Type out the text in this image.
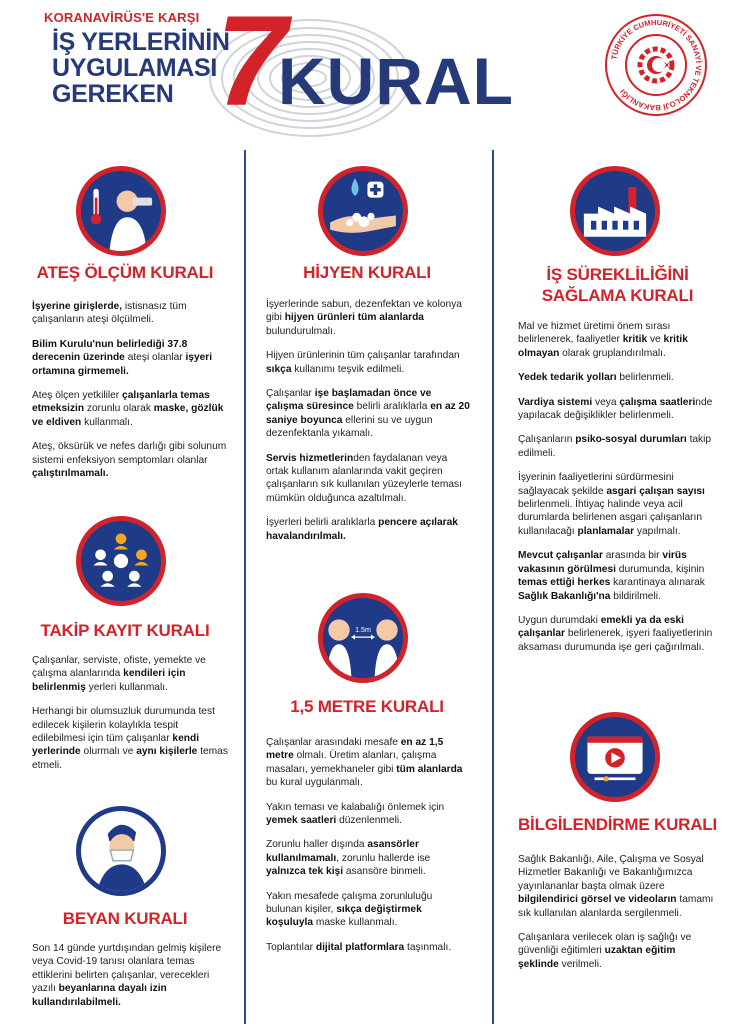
KORANAVİRÜS'E KARŞI
İŞ YERLERİNİN
UYGULAMASI
GEREKEN 7
KURAL	TÜRKİYE CUMHURİYETİ SANAYİ VE TEKNOLOJİ BAKANLIĞI
ATEŞ ÖLÇÜM KURALI

İşyerine girişlerde, istisnasız tüm çalışanların ateşi ölçülmeli.

Bilim Kurulu'nun belirlediği 37.8 derecenin üzerinde ateşi olanlar işyeri ortamına girmemeli.

Ateş ölçen yetkililer çalışanlarla temas etmeksizin zorunlu olarak maske, gözlük ve eldiven kullanmalı.

Ateş, öksürük ve nefes darlığı gibi solunum sistemi enfeksiyon semptomları olanlar çalıştırılmamalı.

TAKİP KAYIT KURALI

Çalışanlar, serviste, ofiste, yemekte ve çalışma alanlarında kendileri için belirlenmiş yerleri kullanmalı.

Herhangi bir olumsuzluk durumunda test edilecek kişilerin kolaylıkla tespit edilebilmesi için tüm çalışanlar kendi yerlerinde olurmalı ve aynı kişilerle temas etmeli.

BEYAN KURALI

Son 14 günde yurtdışından gelmiş kişilere veya Covid-19 tanısı olanlara temas ettiklerini belirten çalışanlar, verecekleri yazılı beyanlarına dayalı izin kullandırılabilmeli.

HİJYEN KURALI

İşyerlerinde sabun, dezenfektan ve kolonya gibi hijyen ürünleri tüm alanlarda bulundurulmalı.

Hijyen ürünlerinin tüm çalışanlar tarafından sıkça kullanımı teşvik edilmeli.

Çalışanlar işe başlamadan önce ve çalışma süresince belirli aralıklarla en az 20 saniye boyunca ellerini su ve uygun dezenfektanla yıkamalı.

Servis hizmetlerinden faydalanan veya ortak kullanım alanlarında vakit geçiren çalışanların sık kullanılan yüzeylerle teması mümkün olduğunca azaltılmalı.

İşyerleri belirli aralıklarla pencere açılarak havalandırılmalı.

1.5m
1,5 METRE KURALI

Çalışanlar arasındaki mesafe en az 1,5 metre olmalı. Üretim alanları, çalışma masaları, yemekhaneler gibi tüm alanlarda bu kural uygulanmalı.

Yakın teması ve kalabalığı önlemek için yemek saatleri düzenlenmeli.

Zorunlu haller dışında asansörler kullanılmamalı, zorunlu hallerde ise yalnızca tek kişi asansöre binmeli.

Yakın mesafede çalışma zorunluluğu bulunan kişiler, sıkça değiştirmek koşuluyla maske kullanmalı.

Toplantılar dijital platformlara taşınmalı.

İŞ SÜREKLİLİĞİNİ
SAĞLAMA KURALI

Mal ve hizmet üretimi önem sırası belirlenerek, faaliyetler kritik ve kritik olmayan olarak gruplandırılmalı.

Yedek tedarik yolları belirlenmeli.

Vardiya sistemi veya çalışma saatlerinde yapılacak değişiklikler belirlenmeli.

Çalışanların psiko-sosyal durumları takip edilmeli.

İşyerinin faaliyetlerini sürdürmesini sağlayacak şekilde asgari çalışan sayısı belirlenmeli. İhtiyaç halinde veya acil durumlarda belirlenen asgari çalışanların kullanılacağı planlamalar yapılmalı.

Mevcut çalışanlar arasında bir virüs vakasının görülmesi durumunda, kişinin temas ettiği herkes karantinaya alınarak Sağlık Bakanlığı'na bildirilmeli.

Uygun durumdaki emekli ya da eski çalışanlar belirlenerek, işyeri faaliyetlerinin aksaması durumunda işe geri çağırılmalı.

BİLGİLENDİRME KURALI

Sağlık Bakanlığı, Aile, Çalışma ve Sosyal Hizmetler Bakanlığı ve Bakanlığımızca yayınlananlar başta olmak üzere bilgilendirici görsel ve videoların tamamı sık kullanılan alanlarda sergilenmeli.

Çalışanlara verilecek olan iş sağlığı ve güvenliği eğitimleri uzaktan eğitim şeklinde verilmeli.
